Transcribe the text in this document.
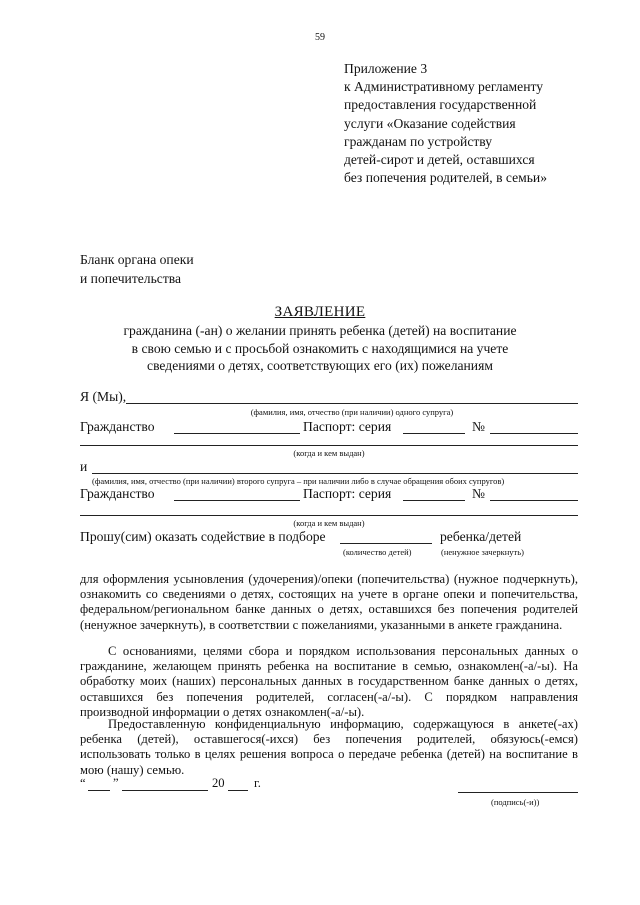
59
Приложение 3
к Административному регламенту
предоставления государственной
услуги «Оказание содействия
гражданам по устройству
детей-сирот и детей, оставшихся
без попечения родителей, в семьи»
Бланк органа опеки
и попечительства
ЗАЯВЛЕНИЕ
гражданина (-ан) о желании принять ребенка (детей) на воспитание
в свою семью и с просьбой ознакомить с находящимися на учете
сведениями о детях, соответствующих его (их) пожеланиям
Я (Мы),
(фамилия, имя, отчество (при наличии) одного супруга)
Гражданство	Паспорт: серия	№
(когда и кем выдан)
и
(фамилия, имя, отчество (при наличии) второго супруга – при наличии либо в случае обращения обоих супругов)
Гражданство	Паспорт: серия	№
(когда и кем выдан)
Прошу(сим) оказать содействие в подборе	ребенка/детей
(количество детей)	(ненужное зачеркнуть)
для оформления усыновления (удочерения)/опеки (попечительства) (нужное подчеркнуть), ознакомить со сведениями о детях, состоящих на учете в органе опеки и попечительства, федеральном/региональном банке данных о детях, оставшихся без попечения родителей (ненужное зачеркнуть), в соответствии с пожеланиями, указанными в анкете гражданина.
С основаниями, целями сбора и порядком использования персональных данных о гражданине, желающем принять ребенка на воспитание в семью, ознакомлен(-а/-ы). На обработку моих (наших) персональных данных в государственном банке данных о детях, оставшихся без попечения родителей, согласен(-а/-ы). С порядком направления производной информации о детях ознакомлен(-а/-ы).
Предоставленную конфиденциальную информацию, содержащуюся в анкете(-ах) ребенка (детей), оставшегося(-ихся) без попечения родителей, обязуюсь(-емся) использовать только в целях решения вопроса о передаче ребенка (детей) на воспитание в мою (нашу) семью.
“ ”	20 г.
(подпись(-и))
